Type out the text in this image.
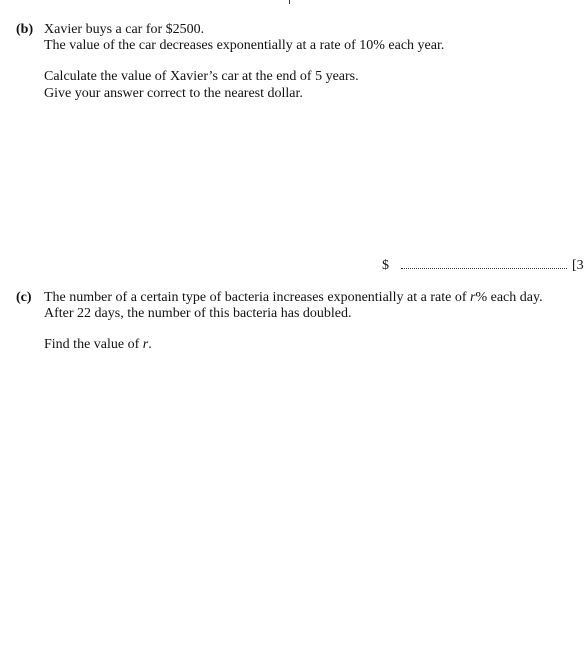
(b) Xavier buys a car for $2500.
The value of the car decreases exponentially at a rate of 10% each year.
Calculate the value of Xavier’s car at the end of 5 years.
Give your answer correct to the nearest dollar.
$	[3
(c) The number of a certain type of bacteria increases exponentially at a rate of r% each day.
After 22 days, the number of this bacteria has doubled.
Find the value of r.
